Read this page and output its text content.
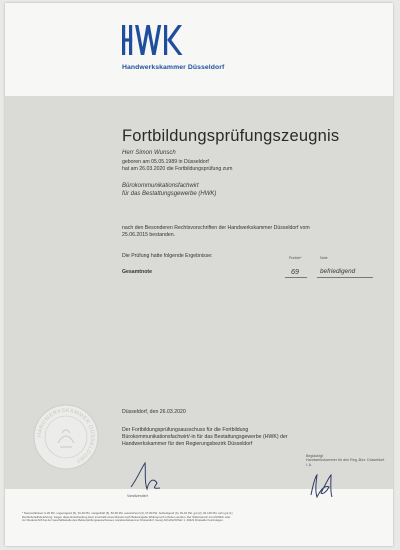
Handwerkskammer Düsseldorf
Fortbildungsprüfungszeugnis
Herr Simon Wunsch
geboren am 05.05.1989 in Düsseldorf
hat am 26.03.2020 die Fortbildungsprüfung zum
Bürokommunikationsfachwirt
für das Bestattungsgewerbe (HWK)
nach den Besonderen Rechtsvorschriften der Handwerkskammer Düsseldorf vom
25.06.2015 bestanden.
Die Prüfung hatte folgende Ergebnisse:	Punkte*	Note
Gesamtnote	69	befriedigend
Düsseldorf, den 26.03.2020
Der Fortbildungsprüfungsausschuss für die Fortbildung
Bürokommunikationsfachwirt/-in für das Bestattungsgewerbe (HWK) der
Handwerkskammer für den Regierungsbezirk Düsseldorf
HANDWERKSKAMMER DÜSSELDORF
Vorsitzende/r
Beglaubigt
Handwerkskammer für den Reg.-Bez. Düsseldorf
i. A.
* Notenschlüssel: 0-29 Pkt. ungenügend (6), 30-49 Pkt. mangelhaft (5), 50-66 Pkt. ausreichend (4), 67-80 Pkt. befriedigend (3), 81-91 Pkt. gut (2), 92-100 Pkt. sehr gut (1)
Rechtsbehelfsbelehrung: Gegen diese Entscheidung kann innerhalb eines Monats nach Bekanntgabe Widerspruch erhoben werden. Der Widerspruch ist schriftlich oder
zur Niederschrift bei der Geschäftsstelle des Meisterprüfungsausschusses, Handwerkskammer Düsseldorf, Georg-Schulhoff-Platz 1, 40221 Düsseldorf einzulegen.
